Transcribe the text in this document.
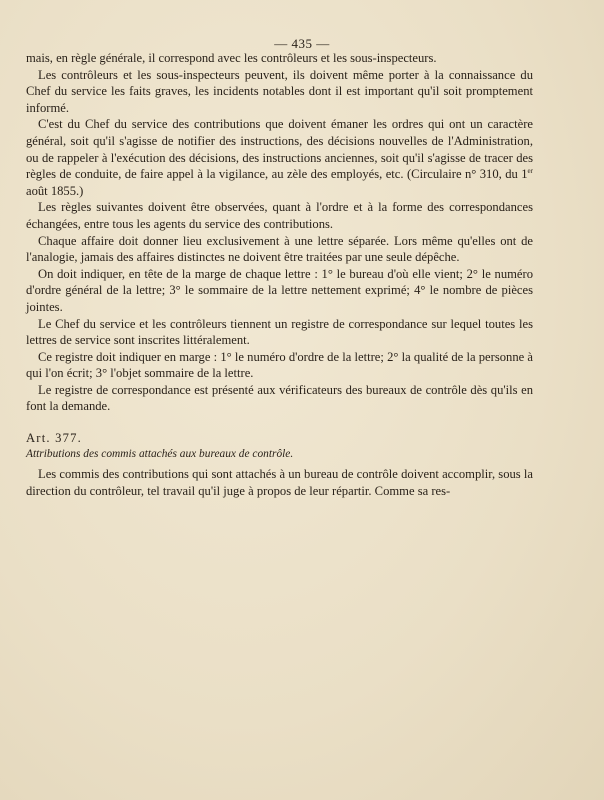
— 435 —

mais, en règle générale, il correspond avec les contrôleurs et les sous-inspecteurs.

Les contrôleurs et les sous-inspecteurs peuvent, ils doivent même porter à la connaissance du Chef du service les faits graves, les incidents notables dont il est important qu'il soit promptement informé.

C'est du Chef du service des contributions que doivent émaner les ordres qui ont un caractère général, soit qu'il s'agisse de notifier des instructions, des décisions nouvelles de l'Administration, ou de rappeler à l'exécution des décisions, des instructions anciennes, soit qu'il s'agisse de tracer des règles de conduite, de faire appel à la vigilance, au zèle des employés, etc. (Circulaire n° 310, du 1er août 1855.)

Les règles suivantes doivent être observées, quant à l'ordre et à la forme des correspondances échangées, entre tous les agents du service des contributions.

Chaque affaire doit donner lieu exclusivement à une lettre séparée. Lors même qu'elles ont de l'analogie, jamais des affaires distinctes ne doivent être traitées par une seule dépêche.

On doit indiquer, en tête de la marge de chaque lettre : 1° le bureau d'où elle vient; 2° le numéro d'ordre général de la lettre; 3° le sommaire de la lettre nettement exprimé; 4° le nombre de pièces jointes.

Le Chef du service et les contrôleurs tiennent un registre de correspondance sur lequel toutes les lettres de service sont inscrites littéralement.

Ce registre doit indiquer en marge : 1° le numéro d'ordre de la lettre; 2° la qualité de la personne à qui l'on écrit; 3° l'objet sommaire de la lettre.

Le registre de correspondance est présenté aux vérificateurs des bureaux de contrôle dès qu'ils en font la demande.

Art. 377.

Attributions des commis attachés aux bureaux de contrôle.

Les commis des contributions qui sont attachés à un bureau de contrôle doivent accomplir, sous la direction du contrôleur, tel travail qu'il juge à propos de leur répartir. Comme sa res-
